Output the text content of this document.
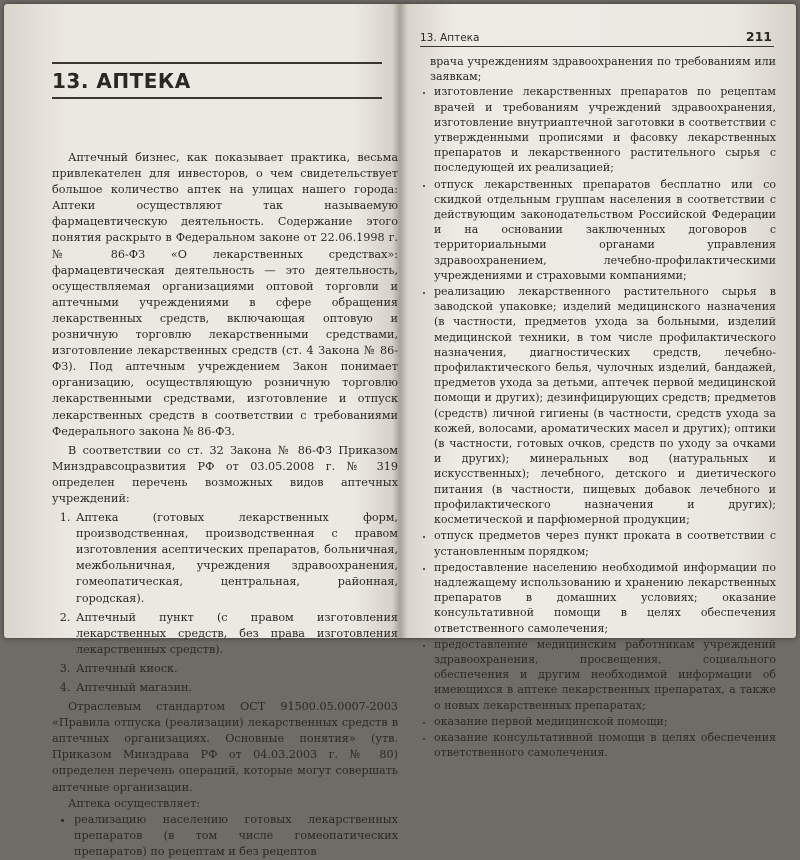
13. АПТЕКА

Аптечный бизнес, как показывает практика, весьма привлекателен для инвесторов, о чем свидетельствует большое количество аптек на улицах нашего города: Аптеки осуществляют так называемую фармацевтическую деятельность. Содержание этого понятия раскрыто в Федеральном законе от 22.06.1998 г. № 86-ФЗ «О лекарственных средствах»: фармацевтическая деятельность — это деятельность, осуществляемая организациями оптовой торговли и аптечными учреждениями в сфере обращения лекарственных средств, включающая оптовую и розничную торговлю лекарственными средствами, изготовление лекарственных средств (ст. 4 Закона № 86-ФЗ). Под аптечным учреждением Закон понимает организацию, осуществляющую розничную торговлю лекарственными средствами, изготовление и отпуск лекарственных средств в соответствии с требованиями Федерального закона № 86-ФЗ.

В соответствии со ст. 32 Закона № 86-ФЗ Приказом Минздравсоцразвития РФ от 03.05.2008 г. № 319 определен перечень возможных видов аптечных учреждений:

1. Аптека (готовых лекарственных форм, производственная, производственная с правом изготовления асептических препаратов, больничная, межбольничная, учреждения здравоохранения, гомеопатическая, центральная, районная, городская).
2. Аптечный пункт (с правом изготовления лекарственных средств, без права изготовления лекарственных средств).
3. Аптечный киоск.
4. Аптечный магазин.

Отраслевым стандартом ОСТ 91500.05.0007-2003 «Правила отпуска (реализации) лекарственных средств в аптечных организациях. Основные понятия» (утв. Приказом Минздрава РФ от 04.03.2003 г. № 80) определен перечень операций, которые могут совершать аптечные организации.

Аптека осуществляет:

• реализацию населению готовых лекарственных препаратов (в том числе гомеопатических препаратов) по рецептам и без рецептов
13. Аптека	211

врача учреждениям здравоохранения по требованиям или заявкам;

• изготовление лекарственных препаратов по рецептам врачей и требованиям учреждений здравоохранения, изготовление внутриаптечной заготовки в соответствии с утвержденными прописями и фасовку лекарственных препаратов и лекарственного растительного сырья с последующей их реализацией;
• отпуск лекарственных препаратов бесплатно или со скидкой отдельным группам населения в соответствии с действующим законодательством Российской Федерации и на основании заключенных договоров с территориальными органами управления здравоохранением, лечебно-профилактическими учреждениями и страховыми компаниями;
• реализацию лекарственного растительного сырья в заводской упаковке; изделий медицинского назначения (в частности, предметов ухода за больными, изделий медицинской техники, в том числе профилактического назначения, диагностических средств, лечебно-профилактического белья, чулочных изделий, бандажей, предметов ухода за детьми, аптечек первой медицинской помощи и других); дезинфицирующих средств; предметов (средств) личной гигиены (в частности, средств ухода за кожей, волосами, ароматических масел и других); оптики (в частности, готовых очков, средств по уходу за очками и других); минеральных вод (натуральных и искусственных); лечебного, детского и диетического питания (в частности, пищевых добавок лечебного и профилактического назначения и других); косметической и парфюмерной продукции;
• отпуск предметов через пункт проката в соответствии с установленным порядком;
• предоставление населению необходимой информации по надлежащему использованию и хранению лекарственных препаратов в домашних условиях; оказание консультативной помощи в целях обеспечения ответственного самолечения;
• предоставление медицинским работникам учреждений здравоохранения, просвещения, социального обеспечения и другим необходимой информации об имеющихся в аптеке лекарственных препаратах, а также о новых лекарственных препаратах;
• оказание первой медицинской помощи;
• оказание консультативной помощи в целях обеспечения ответственного самолечения.
